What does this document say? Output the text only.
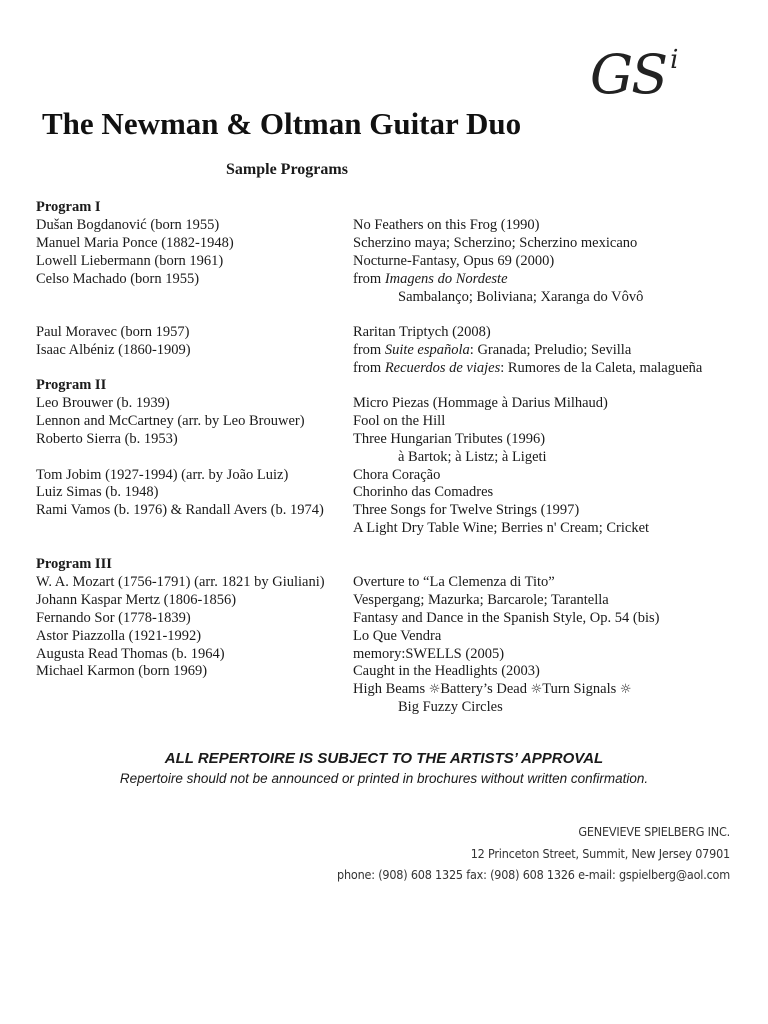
GS $^i$
The Newman & Oltman Guitar Duo
Sample Programs
Program I
Dušan Bogdanović (born 1955)	No Feathers on this Frog (1990)
Manuel Maria Ponce (1882-1948)	Scherzino maya; Scherzino; Scherzino mexicano
Lowell Liebermann (born 1961)	Nocturne-Fantasy, Opus 69 (2000)
Celso Machado (born 1955)	from Imagens do Nordeste
Sambalanço; Boliviana; Xaranga do Vôvô
Paul Moravec (born 1957)	Raritan Triptych (2008)
Isaac Albéniz (1860-1909)	from Suite española: Granada; Preludio; Sevilla
from Recuerdos de viajes: Rumores de la Caleta, malagueña
Program II
Leo Brouwer (b. 1939)	Micro Piezas (Hommage à Darius Milhaud)
Lennon and McCartney (arr. by Leo Brouwer)	Fool on the Hill
Roberto Sierra (b. 1953)	Three Hungarian Tributes (1996)
à Bartok; à Listz; à Ligeti
Tom Jobim (1927-1994) (arr. by João Luiz)	Chora Coração
Luiz Simas (b. 1948)	Chorinho das Comadres
Rami Vamos (b. 1976) & Randall Avers (b. 1974)	Three Songs for Twelve Strings (1997)
A Light Dry Table Wine; Berries n' Cream; Cricket
Program III
W. A. Mozart (1756-1791) (arr. 1821 by Giuliani)	Overture to “La Clemenza di Tito”
Johann Kaspar Mertz (1806-1856)	Vespergang; Mazurka; Barcarole; Tarantella
Fernando Sor (1778-1839)	Fantasy and Dance in the Spanish Style, Op. 54 (bis)
Astor Piazzolla (1921-1992)	Lo Que Vendra
Augusta Read Thomas (b. 1964)	memory:SWELLS (2005)
Michael Karmon (born 1969)	Caught in the Headlights (2003)
High Beams ☼Battery’s Dead ☼Turn Signals ☼
Big Fuzzy Circles
ALL REPERTOIRE IS SUBJECT TO THE ARTISTS’ APPROVAL
Repertoire should not be announced or printed in brochures without written confirmation.
GENEVIEVE SPIELBERG INC.
12 Princeton Street, Summit, New Jersey 07901
phone: (908) 608 1325 fax: (908) 608 1326 e-mail: gspielberg@aol.com
